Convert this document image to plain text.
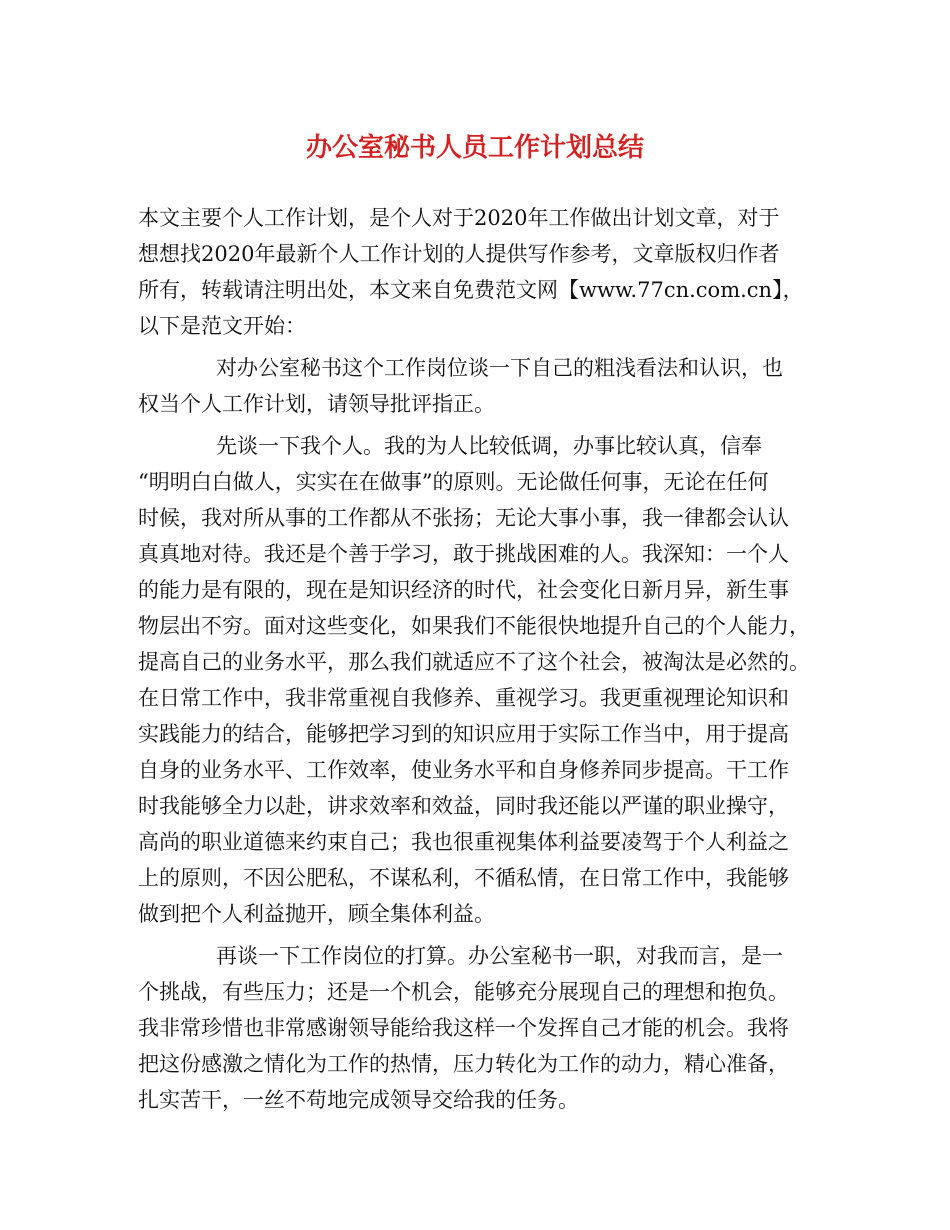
办公室秘书人员工作计划总结
本文主要个人工作计划，是个人对于2020年工作做出计划文章，对于
想想找2020年最新个人工作计划的人提供写作参考，文章版权归作者
所有，转载请注明出处，本文来自免费范文网【www.77cn.com.cn】，
以下是范文开始：
对办公室秘书这个工作岗位谈一下自己的粗浅看法和认识，也
权当个人工作计划，请领导批评指正。
先谈一下我个人。我的为人比较低调，办事比较认真，信奉
“明明白白做人，实实在在做事”的原则。无论做任何事，无论在任何
时候，我对所从事的工作都从不张扬；无论大事小事，我一律都会认认
真真地对待。我还是个善于学习，敢于挑战困难的人。我深知：一个人
的能力是有限的，现在是知识经济的时代，社会变化日新月异，新生事
物层出不穷。面对这些变化，如果我们不能很快地提升自己的个人能力，
提高自己的业务水平，那么我们就适应不了这个社会，被淘汰是必然的。
在日常工作中，我非常重视自我修养、重视学习。我更重视理论知识和
实践能力的结合，能够把学习到的知识应用于实际工作当中，用于提高
自身的业务水平、工作效率，使业务水平和自身修养同步提高。干工作
时我能够全力以赴，讲求效率和效益，同时我还能以严谨的职业操守，
高尚的职业道德来约束自己；我也很重视集体利益要凌驾于个人利益之
上的原则，不因公肥私，不谋私利，不循私情，在日常工作中，我能够
做到把个人利益抛开，顾全集体利益。
再谈一下工作岗位的打算。办公室秘书一职，对我而言，是一
个挑战，有些压力；还是一个机会，能够充分展现自己的理想和抱负。
我非常珍惜也非常感谢领导能给我这样一个发挥自己才能的机会。我将
把这份感激之情化为工作的热情，压力转化为工作的动力，精心准备，
扎实苦干，一丝不苟地完成领导交给我的任务。
